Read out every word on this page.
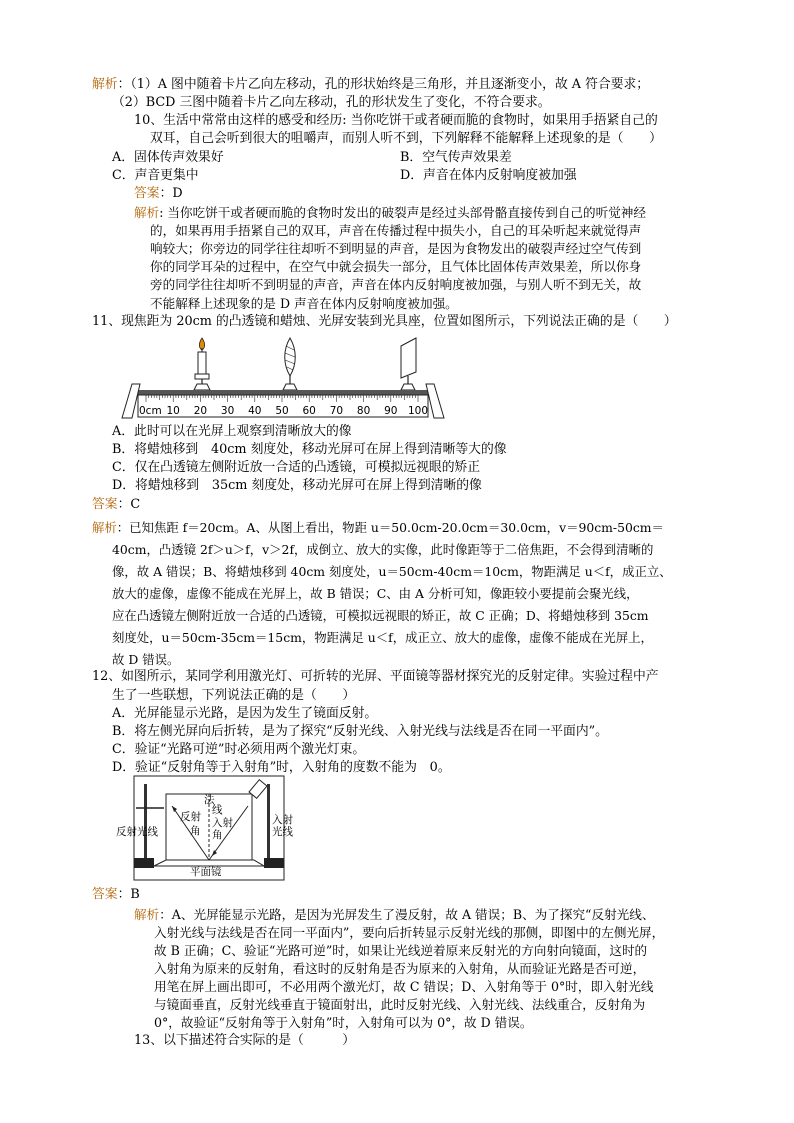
解析：（1）A 图中随着卡片乙向左移动，孔的形状始终是三角形，并且逐渐变小，故 A 符合要求；
（2）BCD 三图中随着卡片乙向左移动，孔的形状发生了变化，不符合要求。
10、生活中常常由这样的感受和经历: 当你吃饼干或者硬而脆的食物时，如果用手捂紧自己的
双耳，自己会听到很大的咀嚼声，而别人听不到，下列解释不能解释上述现象的是（　　）
A．固体传声效果好	B．空气传声效果差
C．声音更集中	D．声音在体内反射响度被加强
答案：D
解析: 当你吃饼干或者硬而脆的食物时发出的破裂声是经过头部骨骼直接传到自己的听觉神经
的，如果再用手捂紧自己的双耳，声音在传播过程中损失小，自己的耳朵听起来就觉得声
响较大；你旁边的同学往往却听不到明显的声音，是因为食物发出的破裂声经过空气传到
你的同学耳朵的过程中，在空气中就会损失一部分，且气体比固体传声效果差，所以你身
旁的同学往往却听不到明显的声音，声音在体内反射响度被加强，与别人听不到无关，故
不能解释上述现象的是 D 声音在体内反射响度被加强。
11、现焦距为 20cm 的凸透镜和蜡烛、光屏安装到光具座，位置如图所示，下列说法正确的是（　　）
0cm 10 20 30 40 50 60 70 80 90 100
A．此时可以在光屏上观察到清晰放大的像
B．将蜡烛移到　40cm 刻度处，移动光屏可在屏上得到清晰等大的像
C．仅在凸透镜左侧附近放一合适的凸透镜，可模拟远视眼的矫正
D．将蜡烛移到　35cm 刻度处，移动光屏可在屏上得到清晰的像
答案：C
解析：已知焦距 f＝20cm。A、从图上看出，物距 u＝50.0cm-20.0cm＝30.0cm，v＝90cm-50cm＝
40cm，凸透镜 2f＞u＞f，v＞2f，成倒立、放大的实像，此时像距等于二倍焦距，不会得到清晰的
像，故 A 错误；B、将蜡烛移到 40cm 刻度处，u＝50cm-40cm＝10cm，物距满足 u＜f，成正立、
放大的虚像，虚像不能成在光屏上，故 B 错误；C、由 A 分析可知，像距较小要提前会聚光线，
应在凸透镜左侧附近放一合适的凸透镜，可模拟远视眼的矫正，故 C 正确；D、将蜡烛移到 35cm
刻度处，u＝50cm-35cm＝15cm，物距满足 u＜f，成正立、放大的虚像，虚像不能成在光屏上，
故 D 错误。
12、如图所示，某同学利用激光灯、可折转的光屏、平面镜等器材探究光的反射定律。实验过程中产
生了一些联想，下列说法正确的是（　　）
A．光屏能显示光路，是因为发生了镜面反射。
B．将左侧光屏向后折转，是为了探究“反射光线、入射光线与法线是否在同一平面内”。
C．验证“光路可逆”时必须用两个激光灯束。
D．验证“反射角等于入射角”时，入射角的度数不能为　0。
法
线
反射
角
入射
角
反射光线
入射
光线
平面镜
答案：B
解析：A、光屏能显示光路，是因为光屏发生了漫反射，故 A 错误；B、为了探究“反射光线、
入射光线与法线是否在同一平面内”，要向后折转显示反射光线的那侧，即图中的左侧光屏，
故 B 正确；C、验证“光路可逆”时，如果让光线逆着原来反射光的方向射向镜面，这时的
入射角为原来的反射角，看这时的反射角是否为原来的入射角，从而验证光路是否可逆，
用笔在屏上画出即可，不必用两个激光灯，故 C 错误；D、入射角等于 0°时，即入射光线
与镜面垂直，反射光线垂直于镜面射出，此时反射光线、入射光线、法线重合，反射角为
0°，故验证“反射角等于入射角”时，入射角可以为 0°，故 D 错误。
13、以下描述符合实际的是（　　　）
